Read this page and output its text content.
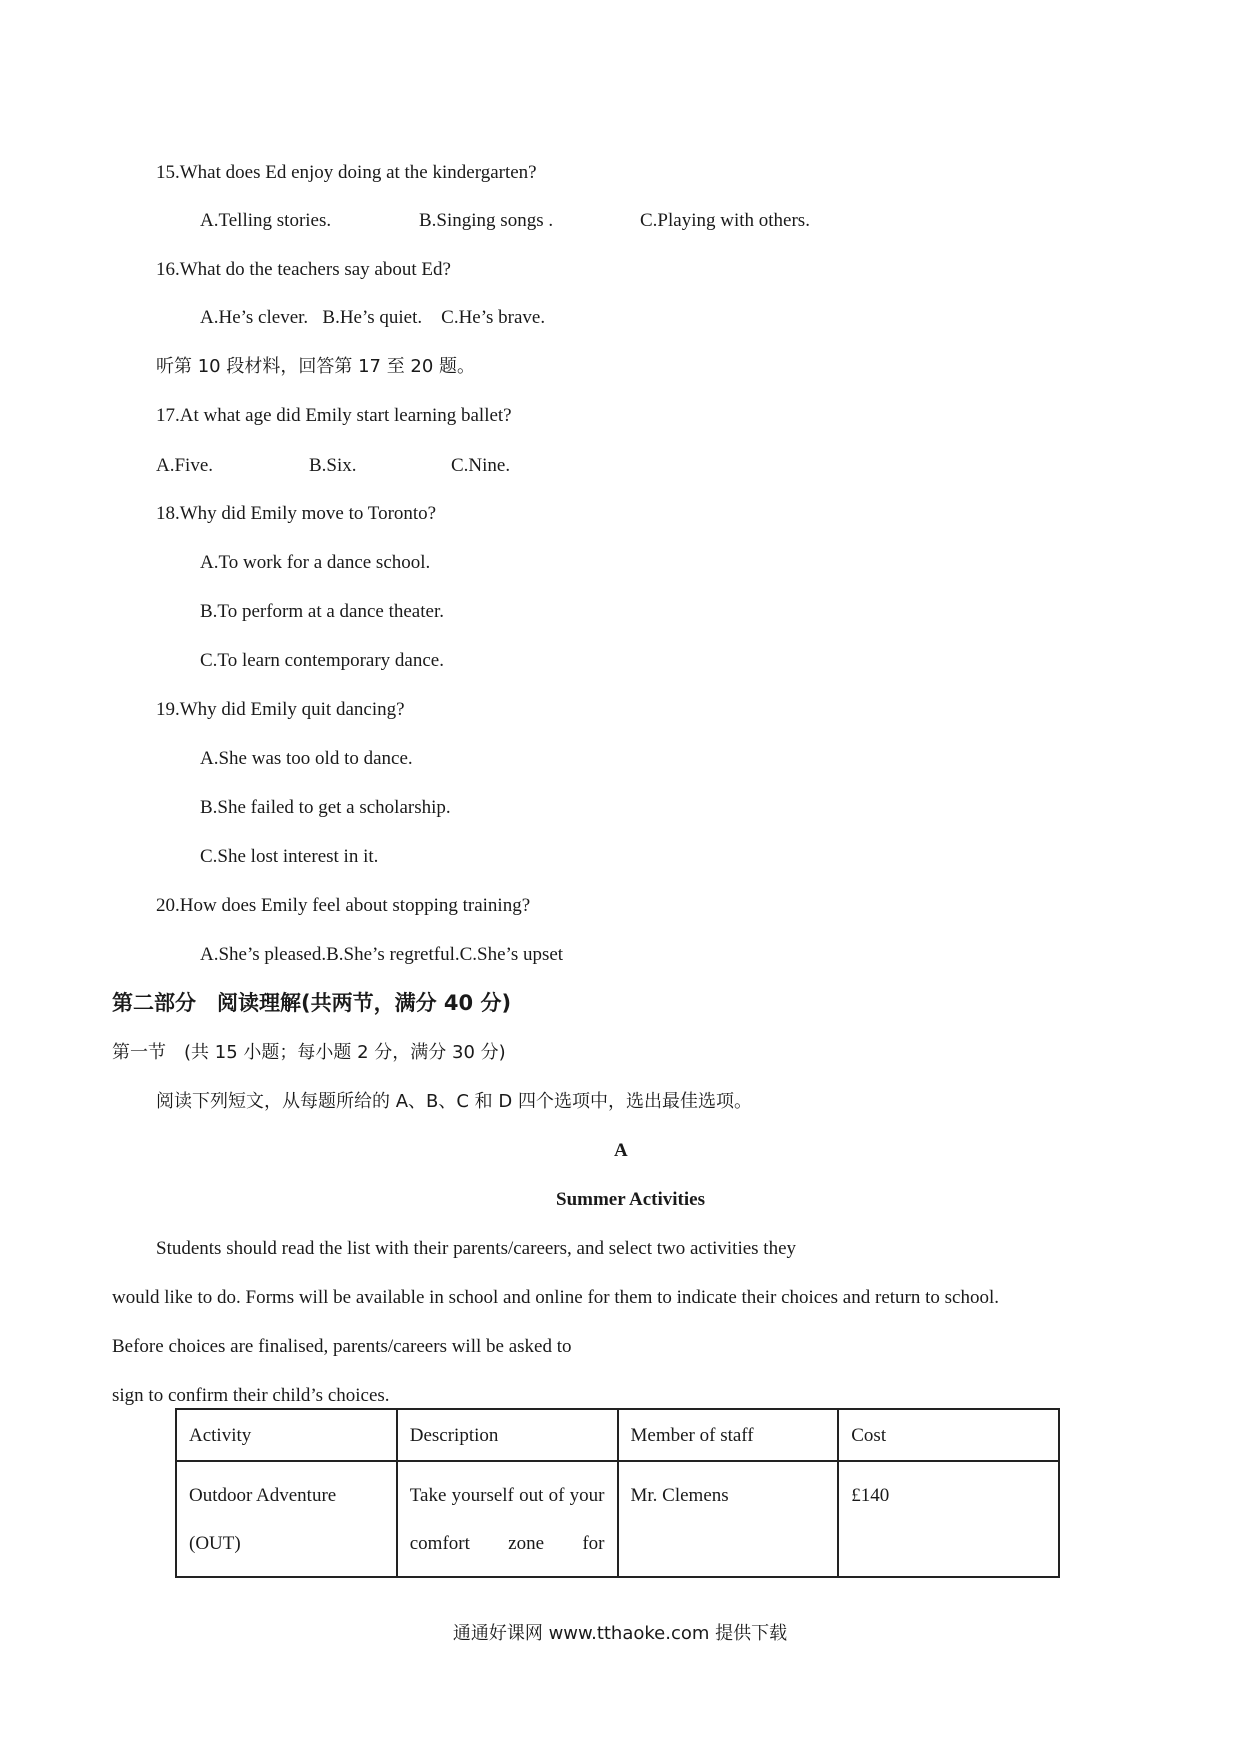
15.What does Ed enjoy doing at the kindergarten?
A.Telling stories.	B.Singing songs .	C.Playing with others.
16.What do the teachers say about Ed?
A.He’s clever.   B.He’s quiet.    C.He’s brave.
听第 10 段材料，回答第 17 至 20 题。
17.At what age did Emily start learning ballet?
A.Five.	B.Six.	C.Nine.
18.Why did Emily move to Toronto?
A.To work for a dance school.
B.To perform at a dance theater.
C.To learn contemporary dance.
19.Why did Emily quit dancing?
A.She was too old to dance.
B.She failed to get a scholarship.
C.She lost interest in it.
20.How does Emily feel about stopping training?
A.She’s pleased.B.She’s regretful.C.She’s upset
第二部分　阅读理解(共两节，满分 40 分)
第一节　(共 15 小题；每小题 2 分，满分 30 分)
阅读下列短文，从每题所给的 A、B、C 和 D 四个选项中，选出最佳选项。
A
Summer Activities
Students should read the list with their parents/careers, and select two activities they
would like to do. Forms will be available in school and online for them to indicate their choices and return to school.
Before choices are finalised, parents/careers will be asked to
sign to confirm their child’s choices.
Activity	Description	Member of staff	Cost
Outdoor Adventure (OUT)	Take yourself out of your comfort zone for	Mr. Clemens	£140
通通好课网 www.tthaoke.com 提供下载
